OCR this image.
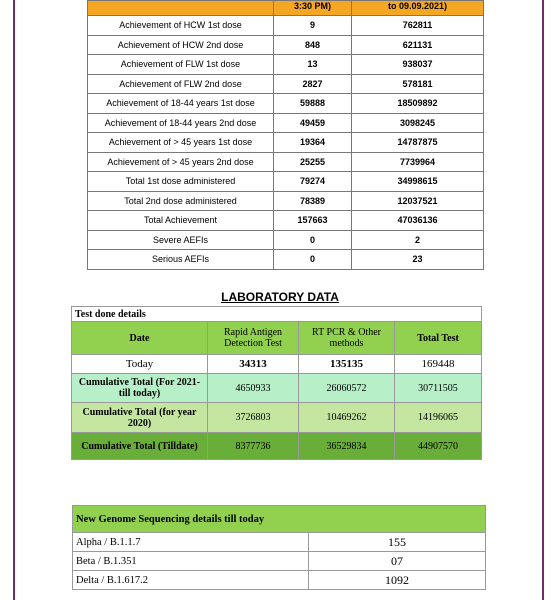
	3:30 PM)	to 09.09.2021)
Achievement of HCW 1st dose	9	762811
Achievement of HCW 2nd dose	848	621131
Achievement of FLW 1st dose	13	938037
Achievement of FLW 2nd dose	2827	578181
Achievement of 18-44 years 1st dose	59888	18509892
Achievement of 18-44 years 2nd dose	49459	3098245
Achievement of > 45 years 1st dose	19364	14787875
Achievement of > 45 years 2nd dose	25255	7739964
Total 1st dose administered	79274	34998615
Total 2nd dose administered	78389	12037521
Total Achievement	157663	47036136
Severe AEFIs	0	2
Serious AEFIs	0	23
LABORATORY DATA
Test done details			
Date	Rapid Antigen Detection Test	RT PCR & Other methods	Total Test
Today	34313	135135	169448
Cumulative Total (For 2021- till today)	4650933	26060572	30711505
Cumulative Total (for year 2020)	3726803	10469262	14196065
Cumulative Total (Tilldate)	8377736	36529834	44907570
New Genome Sequencing details till today	
Alpha / B.1.1.7	155
Beta / B.1.351	07
Delta / B.1.617.2	1092
